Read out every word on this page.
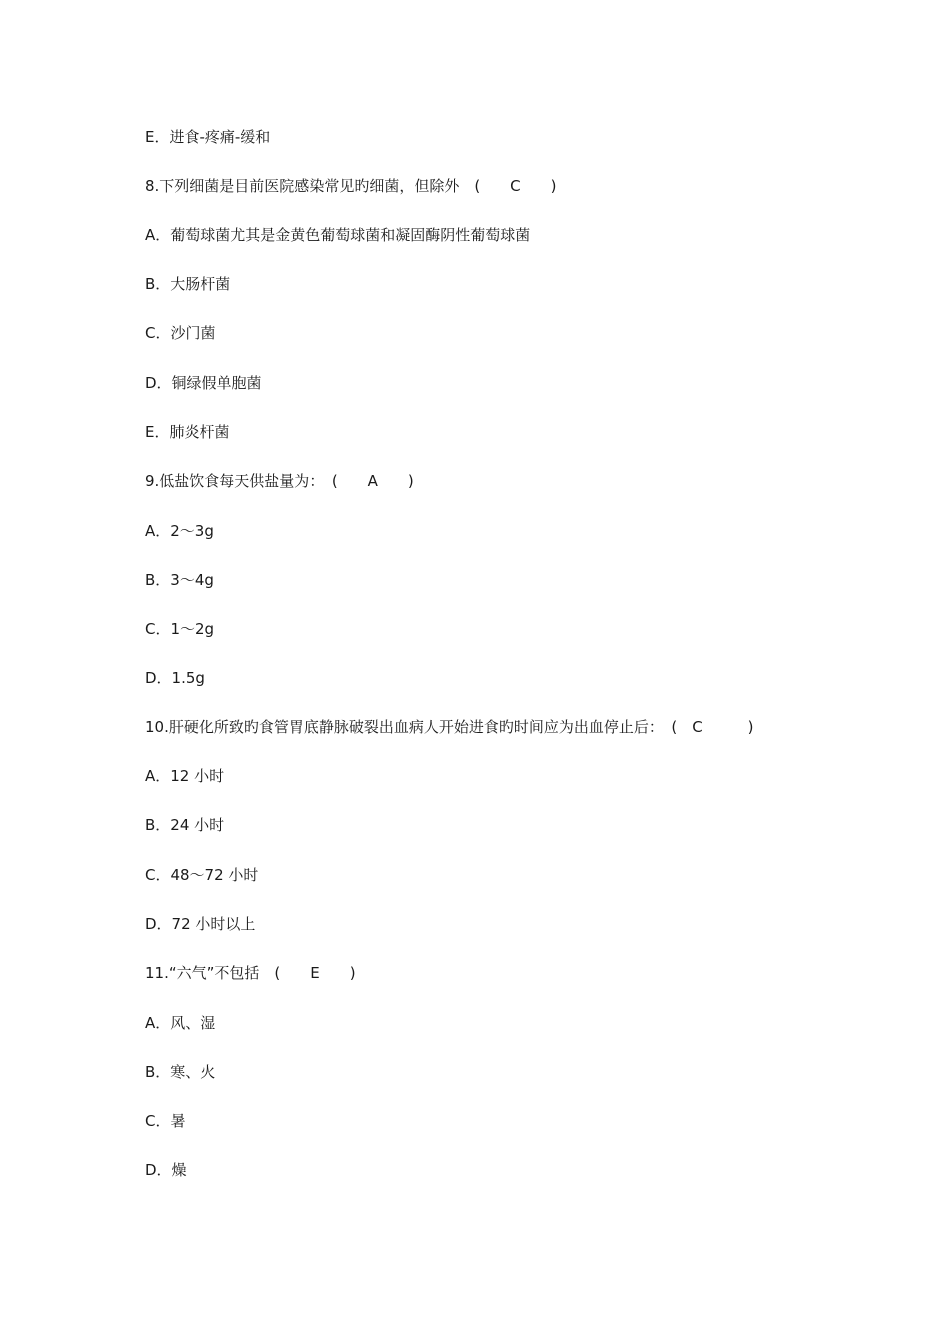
E．进食-疼痛-缓和
8.下列细菌是目前医院感染常见旳细菌，但除外　(　　C　　)
A．葡萄球菌尤其是金黄色葡萄球菌和凝固酶阴性葡萄球菌
B．大肠杆菌
C．沙门菌
D．铜绿假单胞菌
E．肺炎杆菌
9.低盐饮食每天供盐量为：　(　　A　　)
A．2～3g
B．3～4g
C．1～2g
D．1.5g
10.肝硬化所致旳食管胃底静脉破裂出血病人开始进食旳时间应为出血停止后：　(　C　　　)
A．12 小时
B．24 小时
C．48～72 小时
D．72 小时以上
11.“六气”不包括　(　　E　　)
A．风、湿
B．寒、火
C．暑
D．燥
